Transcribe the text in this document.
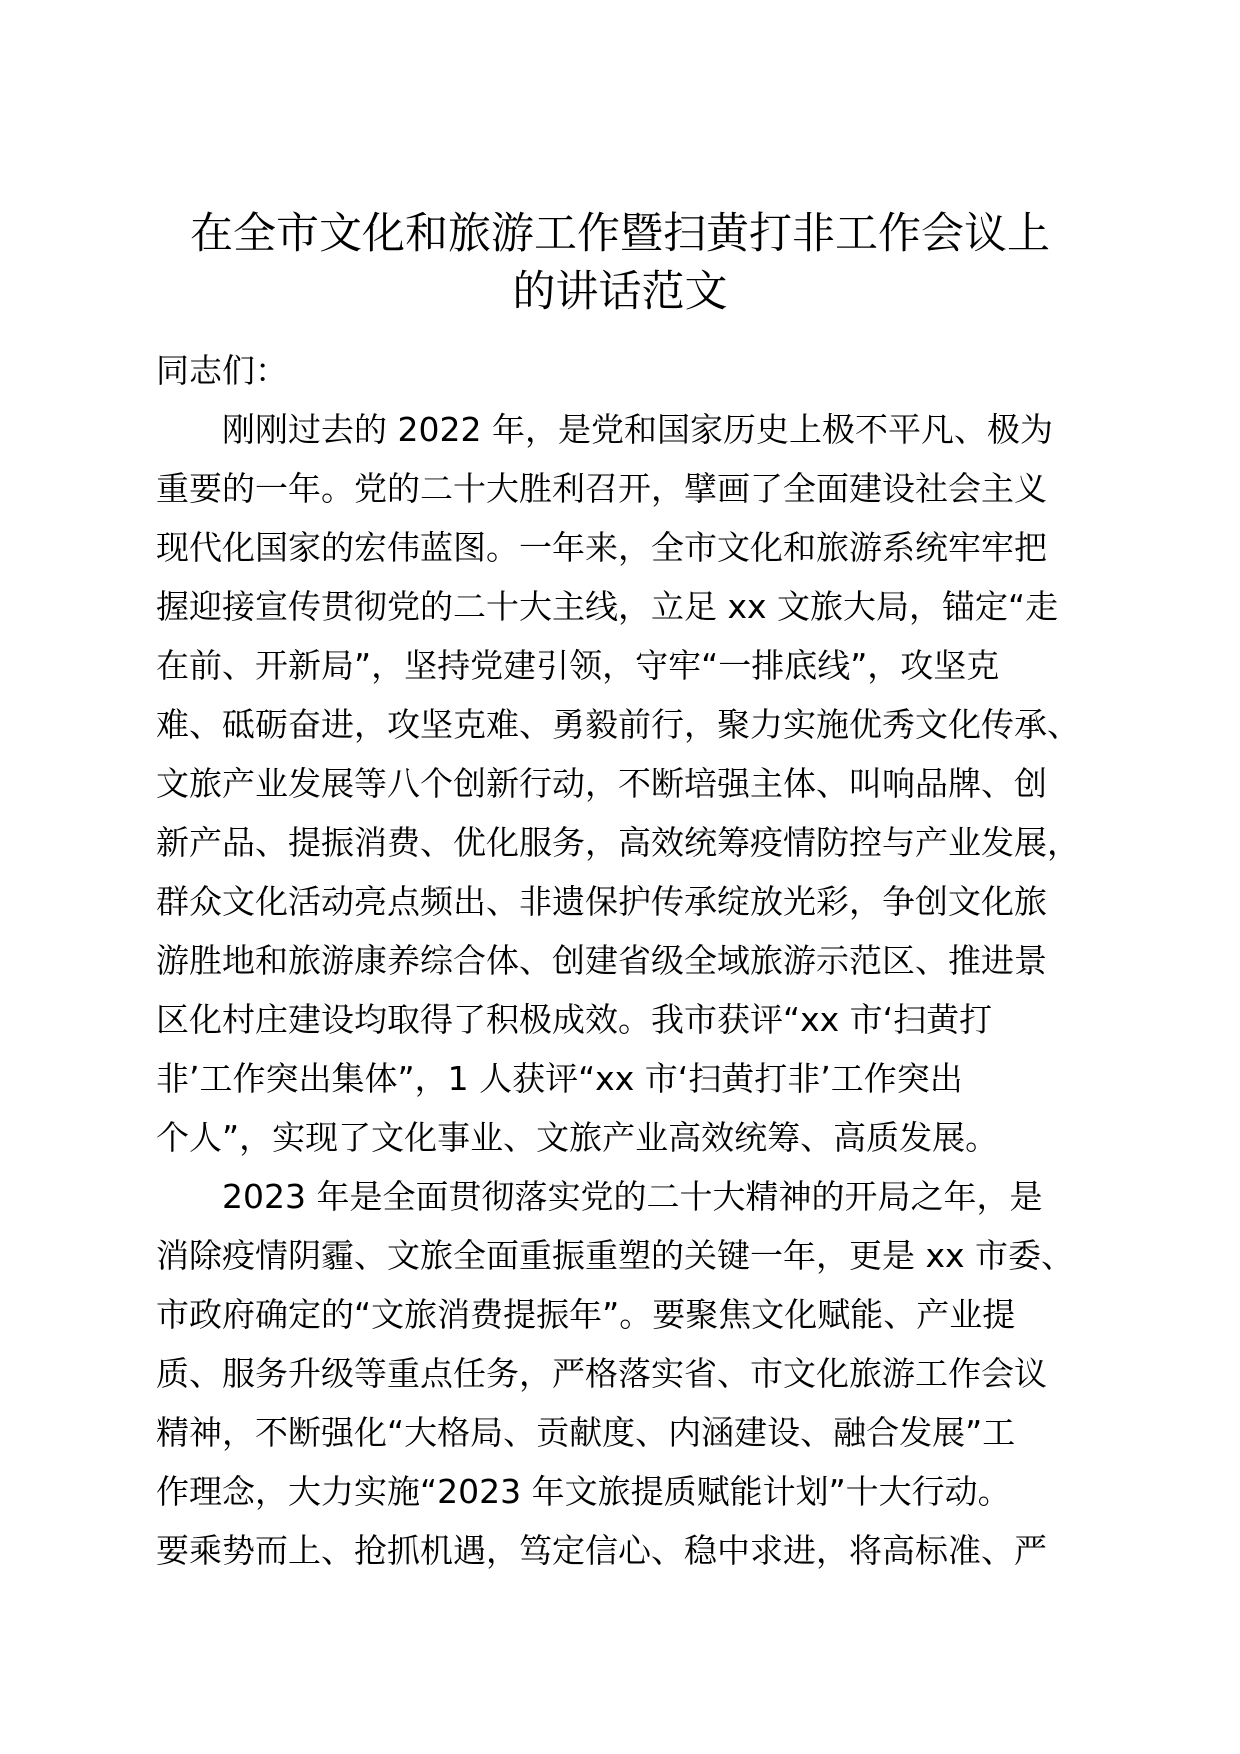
在全市文化和旅游工作暨扫黄打非工作会议上
的讲话范文
同志们：
刚刚过去的 2022 年，是党和国家历史上极不平凡、极为
重要的一年。党的二十大胜利召开，擘画了全面建设社会主义
现代化国家的宏伟蓝图。一年来，全市文化和旅游系统牢牢把
握迎接宣传贯彻党的二十大主线，立足 xx 文旅大局，锚定“走
在前、开新局”，坚持党建引领，守牢“一排底线”，攻坚克
难、砥砺奋进，攻坚克难、勇毅前行，聚力实施优秀文化传承、
文旅产业发展等八个创新行动，不断培强主体、叫响品牌、创
新产品、提振消费、优化服务，高效统筹疫情防控与产业发展，
群众文化活动亮点频出、非遗保护传承绽放光彩，争创文化旅
游胜地和旅游康养综合体、创建省级全域旅游示范区、推进景
区化村庄建设均取得了积极成效。我市获评“xx 市‘扫黄打
非’工作突出集体”，1 人获评“xx 市‘扫黄打非’工作突出
个人”，实现了文化事业、文旅产业高效统筹、高质发展。
2023 年是全面贯彻落实党的二十大精神的开局之年，是
消除疫情阴霾、文旅全面重振重塑的关键一年，更是 xx 市委、
市政府确定的“文旅消费提振年”。要聚焦文化赋能、产业提
质、服务升级等重点任务，严格落实省、市文化旅游工作会议
精神，不断强化“大格局、贡献度、内涵建设、融合发展”工
作理念，大力实施“2023 年文旅提质赋能计划”十大行动。
要乘势而上、抢抓机遇，笃定信心、稳中求进，将高标准、严
